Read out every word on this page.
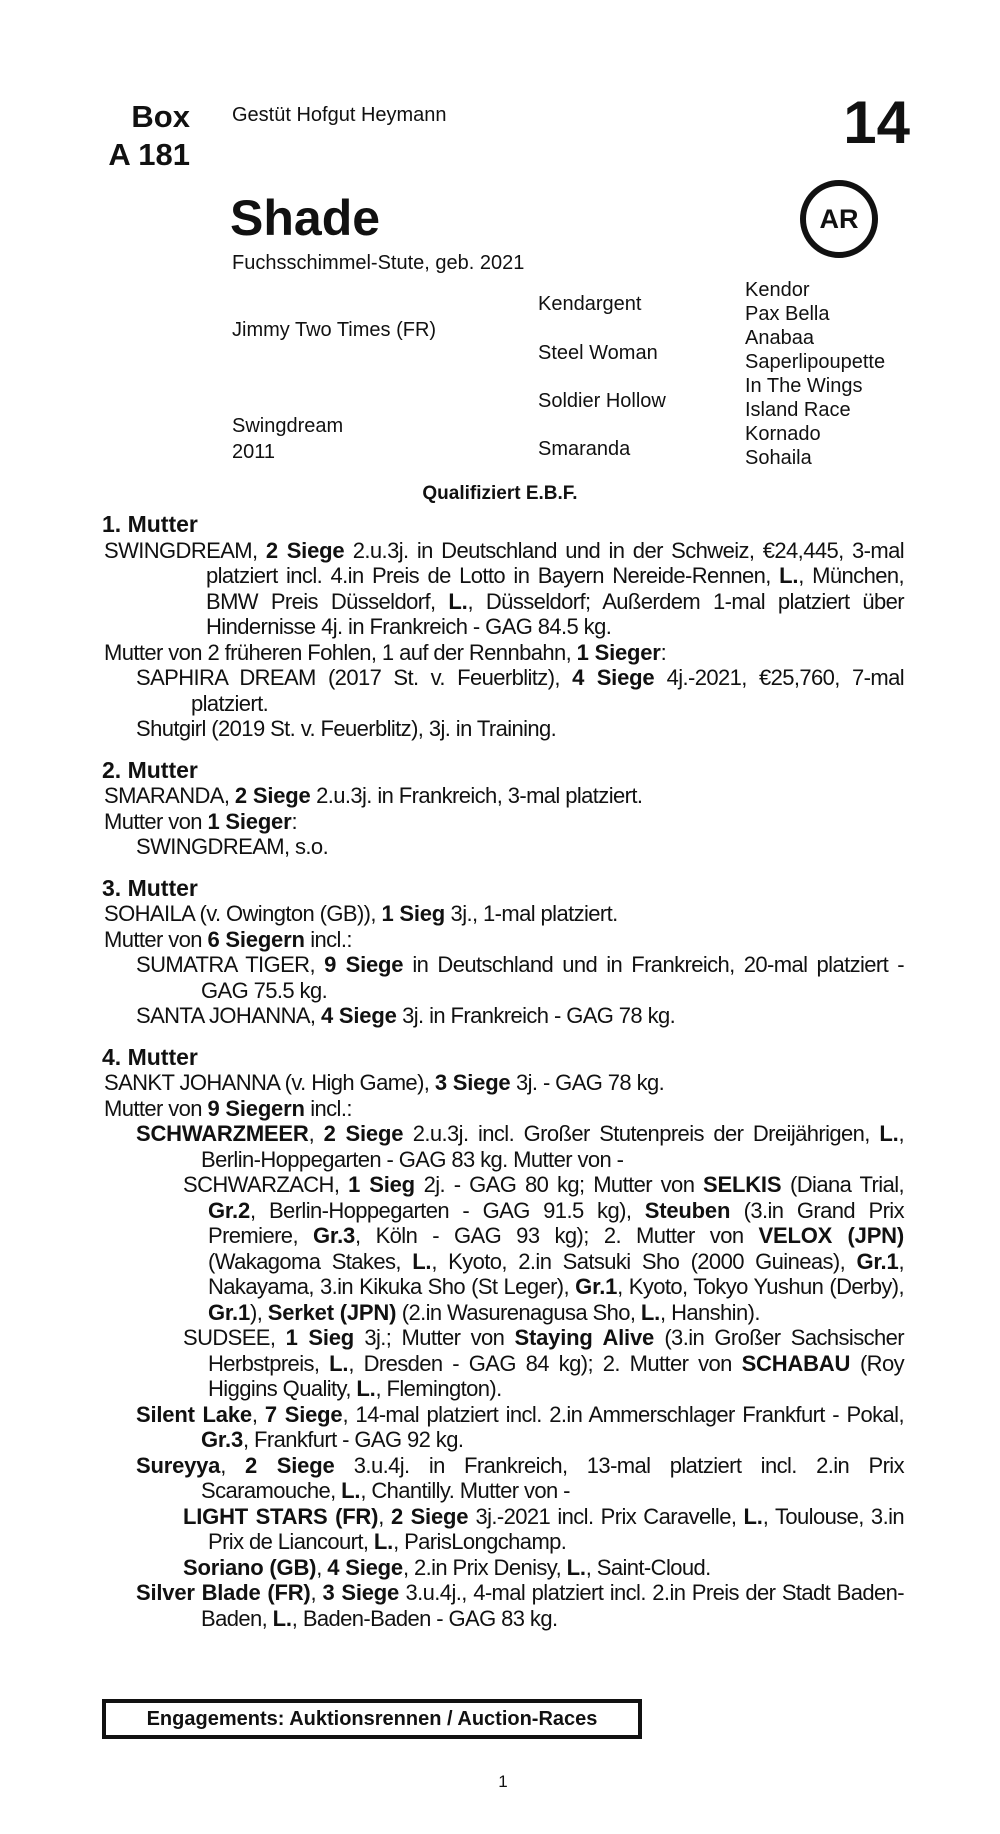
Box
A 181
Gestüt Hofgut Heymann	14
AR
Shade
Fuchsschimmel-Stute, geb. 2021
Jimmy Two Times (FR)
Swingdream
2011
Kendargent
Steel Woman
Soldier Hollow
Smaranda
Kendor
Pax Bella
Anabaa
Saperlipoupette
In The Wings
Island Race
Kornado
Sohaila
Qualifiziert E.B.F.
1. Mutter
SWINGDREAM, 2 Siege 2.u.3j. in Deutschland und in der Schweiz, €24,445, 3-mal platziert incl. 4.in Preis de Lotto in Bayern Nereide-Rennen, L., München, BMW Preis Düsseldorf, L., Düsseldorf; Außerdem 1-mal platziert über Hindernisse 4j. in Frankreich - GAG 84.5 kg.
Mutter von 2 früheren Fohlen, 1 auf der Rennbahn, 1 Sieger:
SAPHIRA DREAM (2017 St. v. Feuerblitz), 4 Siege 4j.-2021, €25,760, 7-mal platziert.
Shutgirl (2019 St. v. Feuerblitz), 3j. in Training.
2. Mutter
SMARANDA, 2 Siege 2.u.3j. in Frankreich, 3-mal platziert.
Mutter von 1 Sieger:
SWINGDREAM, s.o.
3. Mutter
SOHAILA (v. Owington (GB)), 1 Sieg 3j., 1-mal platziert.
Mutter von 6 Siegern incl.:
SUMATRA TIGER, 9 Siege in Deutschland und in Frankreich, 20-mal platziert - GAG 75.5 kg.
SANTA JOHANNA, 4 Siege 3j. in Frankreich - GAG 78 kg.
4. Mutter
SANKT JOHANNA (v. High Game), 3 Siege 3j. - GAG 78 kg.
Mutter von 9 Siegern incl.:
SCHWARZMEER, 2 Siege 2.u.3j. incl. Großer Stutenpreis der Dreijährigen, L., Berlin-Hoppegarten - GAG 83 kg. Mutter von -
SCHWARZACH, 1 Sieg 2j. - GAG 80 kg; Mutter von SELKIS (Diana Trial, Gr.2, Berlin-Hoppegarten - GAG 91.5 kg), Steuben (3.in Grand Prix Premiere, Gr.3, Köln - GAG 93 kg); 2. Mutter von VELOX (JPN) (Wakagoma Stakes, L., Kyoto, 2.in Satsuki Sho (2000 Guineas), Gr.1, Nakayama, 3.in Kikuka Sho (St Leger), Gr.1, Kyoto, Tokyo Yushun (Derby), Gr.1), Serket (JPN) (2.in Wasurenagusa Sho, L., Hanshin).
SUDSEE, 1 Sieg 3j.; Mutter von Staying Alive (3.in Großer Sachsischer Herbstpreis, L., Dresden - GAG 84 kg); 2. Mutter von SCHABAU (Roy Higgins Quality, L., Flemington).
Silent Lake, 7 Siege, 14-mal platziert incl. 2.in Ammerschlager Frankfurt - Pokal, Gr.3, Frankfurt - GAG 92 kg.
Sureyya, 2 Siege 3.u.4j. in Frankreich, 13-mal platziert incl. 2.in Prix Scaramouche, L., Chantilly. Mutter von -
LIGHT STARS (FR), 2 Siege 3j.-2021 incl. Prix Caravelle, L., Toulouse, 3.in Prix de Liancourt, L., ParisLongchamp.
Soriano (GB), 4 Siege, 2.in Prix Denisy, L., Saint-Cloud.
Silver Blade (FR), 3 Siege 3.u.4j., 4-mal platziert incl. 2.in Preis der Stadt Baden-Baden, L., Baden-Baden - GAG 83 kg.
Engagements: Auktionsrennen / Auction-Races
1
